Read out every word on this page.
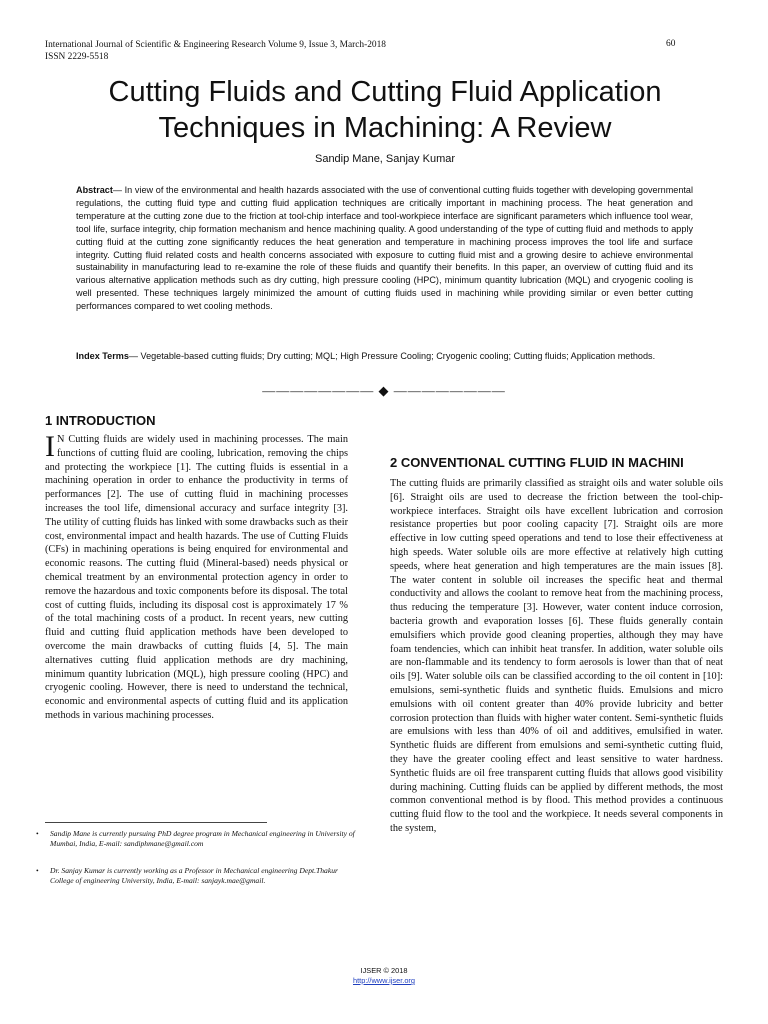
International Journal of Scientific & Engineering Research Volume 9, Issue 3, March-2018
ISSN 2229-5518
60
Cutting Fluids and Cutting Fluid Application Techniques in Machining: A Review
Sandip Mane, Sanjay Kumar

Abstract— In view of the environmental and health hazards associated with the use of conventional cutting fluids together with developing governmental regulations, the cutting fluid type and cutting fluid application techniques are critically important in machining process. The heat generation and temperature at the cutting zone due to the friction at tool-chip interface and tool-workpiece interface are significant parameters which influence tool wear, tool life, surface integrity, chip formation mechanism and hence machining quality. A good understanding of the type of cutting fluid and methods to apply cutting fluid at the cutting zone significantly reduces the heat generation and temperature in machining process improves the tool life and surface integrity. Cutting fluid related costs and health concerns associated with exposure to cutting fluid mist and a growing desire to achieve environmental sustainability in manufacturing lead to re-examine the role of these fluids and quantify their benefits. In this paper, an overview of cutting fluid and its various alternative application methods such as dry cutting, high pressure cooling (HPC), minimum quantity lubrication (MQL) and cryogenic cooling is well presented. These techniques largely minimized the amount of cutting fluids used in machining while providing similar or even better cutting performances compared to wet cooling methods.

Index Terms— Vegetable-based cutting fluids; Dry cutting; MQL; High Pressure Cooling; Cryogenic cooling; Cutting fluids; Application methods.

———————— ◆ ————————
1 INTRODUCTION

I N Cutting fluids are widely used in machining processes. The main functions of cutting fluid are cooling, lubrication, removing the chips and protecting the workpiece [1]. The cutting fluids is essential in a machining operation in order to enhance the productivity in terms of performances [2]. The use of cutting fluid in machining processes increases the tool life, dimensional accuracy and surface integrity [3]. The utility of cutting fluids has linked with some drawbacks such as their cost, environmental impact and health hazards. The use of Cutting Fluids (CFs) in machining operations is being enquired for environmental and economic reasons. The cutting fluid (Mineral-based) needs physical or chemical treatment by an environmental protection agency in order to remove the hazardous and toxic components before its disposal. The total cost of cutting fluids, including its disposal cost is approximately 17 % of the total machining costs of a product. In recent years, new cutting fluid and cutting fluid application methods have been developed to overcome the main drawbacks of cutting fluids [4, 5]. The main alternatives cutting fluid application methods are dry machining, minimum quantity lubrication (MQL), high pressure cooling (HPC) and cryogenic cooling. However, there is need to understand the technical, economic and environmental aspects of cutting fluid and its application methods in various machining processes.

2 CONVENTIONAL CUTTING FLUID IN MACHINI

The cutting fluids are primarily classified as straight oils and water soluble oils [6]. Straight oils are used to decrease the friction between the tool-chip-workpiece interfaces. Straight oils have excellent lubrication and corrosion resistance properties but poor cooling capacity [7]. Straight oils are more effective in low cutting speed operations and tend to lose their effectiveness at high speeds. Water soluble oils are more effective at relatively high cutting speeds, where heat generation and high temperatures are the main issues [8]. The water content in soluble oil increases the specific heat and thermal conductivity and allows the coolant to remove heat from the machining process, thus reducing the temperature [3]. However, water content induce corrosion, bacteria growth and evaporation losses [6]. These fluids generally contain emulsifiers which provide good cleaning properties, although they may have foam tendencies, which can inhibit heat transfer. In addition, water soluble oils are non-flammable and its tendency to form aerosols is lower than that of neat oils [9]. Water soluble oils can be classified according to the oil content in [10]: emulsions, semi-synthetic fluids and synthetic fluids. Emulsions and micro emulsions with oil content greater than 40% provide lubricity and better corrosion protection than fluids with higher water content. Semi-synthetic fluids are emulsions with less than 40% of oil and additives, emulsified in water. Synthetic fluids are different from emulsions and semi-synthetic cutting fluid, they have the greater cooling effect and least sensitive to water hardness. Synthetic fluids are oil free transparent cutting fluids that allows good visibility during machining. Cutting fluids can be applied by different methods, the most common conventional method is by flood. This method provides a continuous cutting fluid flow to the tool and the workpiece. It needs several components in the system,

•	Sandip Mane is currently pursuing PhD degree program in Mechanical engineering in University of Mumbai, India, E-mail: sandiphmane@gmail.com
•	Dr. Sanjay Kumar is currently working as a Professor in Mechanical engineering Dept.Thakur College of engineering University, India, E-mail: sanjayk.mae@gmail.
IJSER © 2018
http://www.ijser.org
